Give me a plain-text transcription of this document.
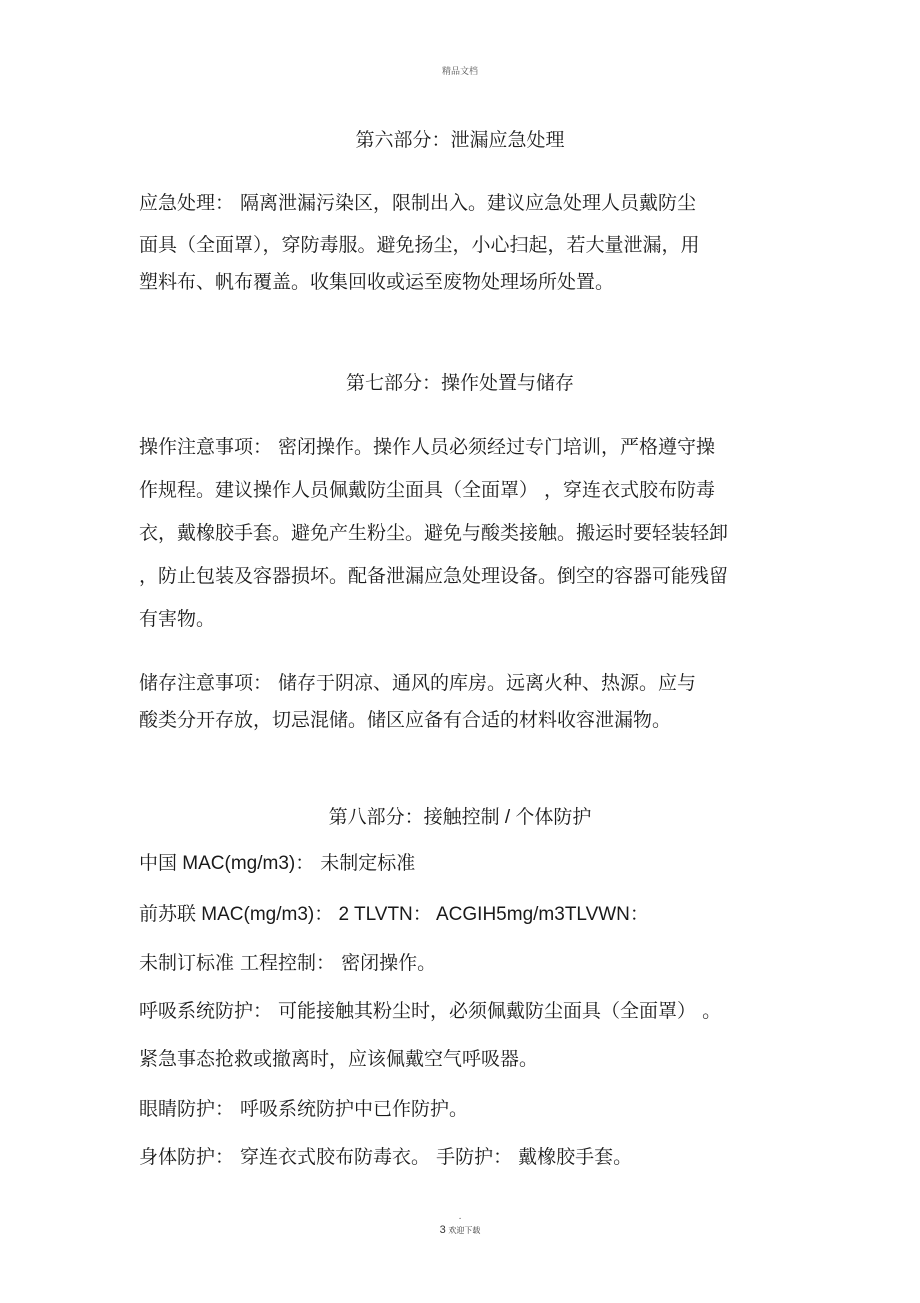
精品文档
第六部分：泄漏应急处理
应急处理： 隔离泄漏污染区，限制出入。建议应急处理人员戴防尘
面具（全面罩），穿防毒服。避免扬尘，小心扫起，若大量泄漏，用
塑料布、帆布覆盖。收集回收或运至废物处理场所处置。
第七部分：操作处置与储存
操作注意事项： 密闭操作。操作人员必须经过专门培训，严格遵守操
作规程。建议操作人员佩戴防尘面具（全面罩） ，穿连衣式胶布防毒
衣，戴橡胶手套。避免产生粉尘。避免与酸类接触。搬运时要轻装轻卸
，防止包装及容器损坏。配备泄漏应急处理设备。倒空的容器可能残留
有害物。
储存注意事项： 储存于阴凉、通风的库房。远离火种、热源。应与
酸类分开存放，切忌混储。储区应备有合适的材料收容泄漏物。
第八部分：接触控制 / 个体防护
中国 MAC(mg/m3)： 未制定标准
前苏联 MAC(mg/m3)： 2 TLVTN： ACGIH5mg/m3TLVWN：
未制订标准 工程控制： 密闭操作。
呼吸系统防护： 可能接触其粉尘时，必须佩戴防尘面具（全面罩） 。
紧急事态抢救或撤离时，应该佩戴空气呼吸器。
眼睛防护： 呼吸系统防护中已作防护。
身体防护： 穿连衣式胶布防毒衣。 手防护： 戴橡胶手套。
.
3 欢迎下载
